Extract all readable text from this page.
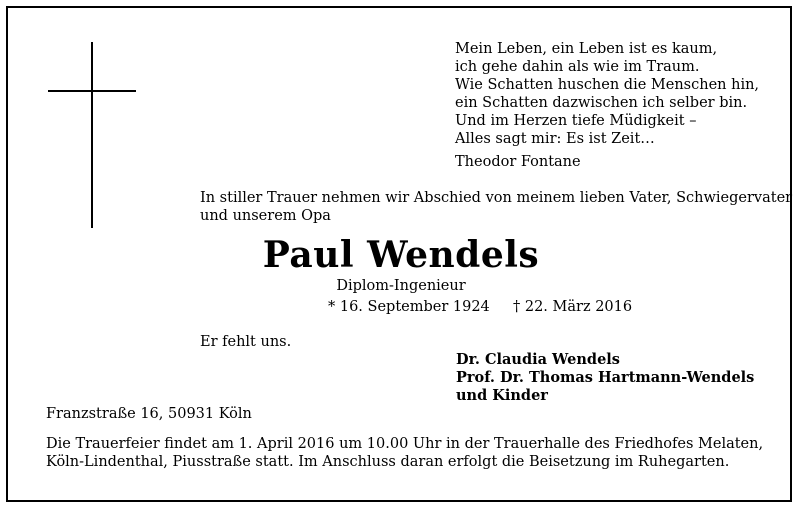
Mein Leben, ein Leben ist es kaum,
ich gehe dahin als wie im Traum.
Wie Schatten huschen die Menschen hin,
ein Schatten dazwischen ich selber bin.
Und im Herzen tiefe Müdigkeit –
Alles sagt mir: Es ist Zeit…
Theodor Fontane
In stiller Trauer nehmen wir Abschied von meinem lieben Vater, Schwiegervater
und unserem Opa
Paul Wendels
Diplom-Ingenieur
* 16. September 1924 † 22. März 2016
Er fehlt uns.
Dr. Claudia Wendels
Prof. Dr. Thomas Hartmann-Wendels
und Kinder
Franzstraße 16, 50931 Köln
Die Trauerfeier findet am 1. April 2016 um 10.00 Uhr in der Trauerhalle des Friedhofes Melaten,
Köln-Lindenthal, Piusstraße statt. Im Anschluss daran erfolgt die Beisetzung im Ruhegarten.
